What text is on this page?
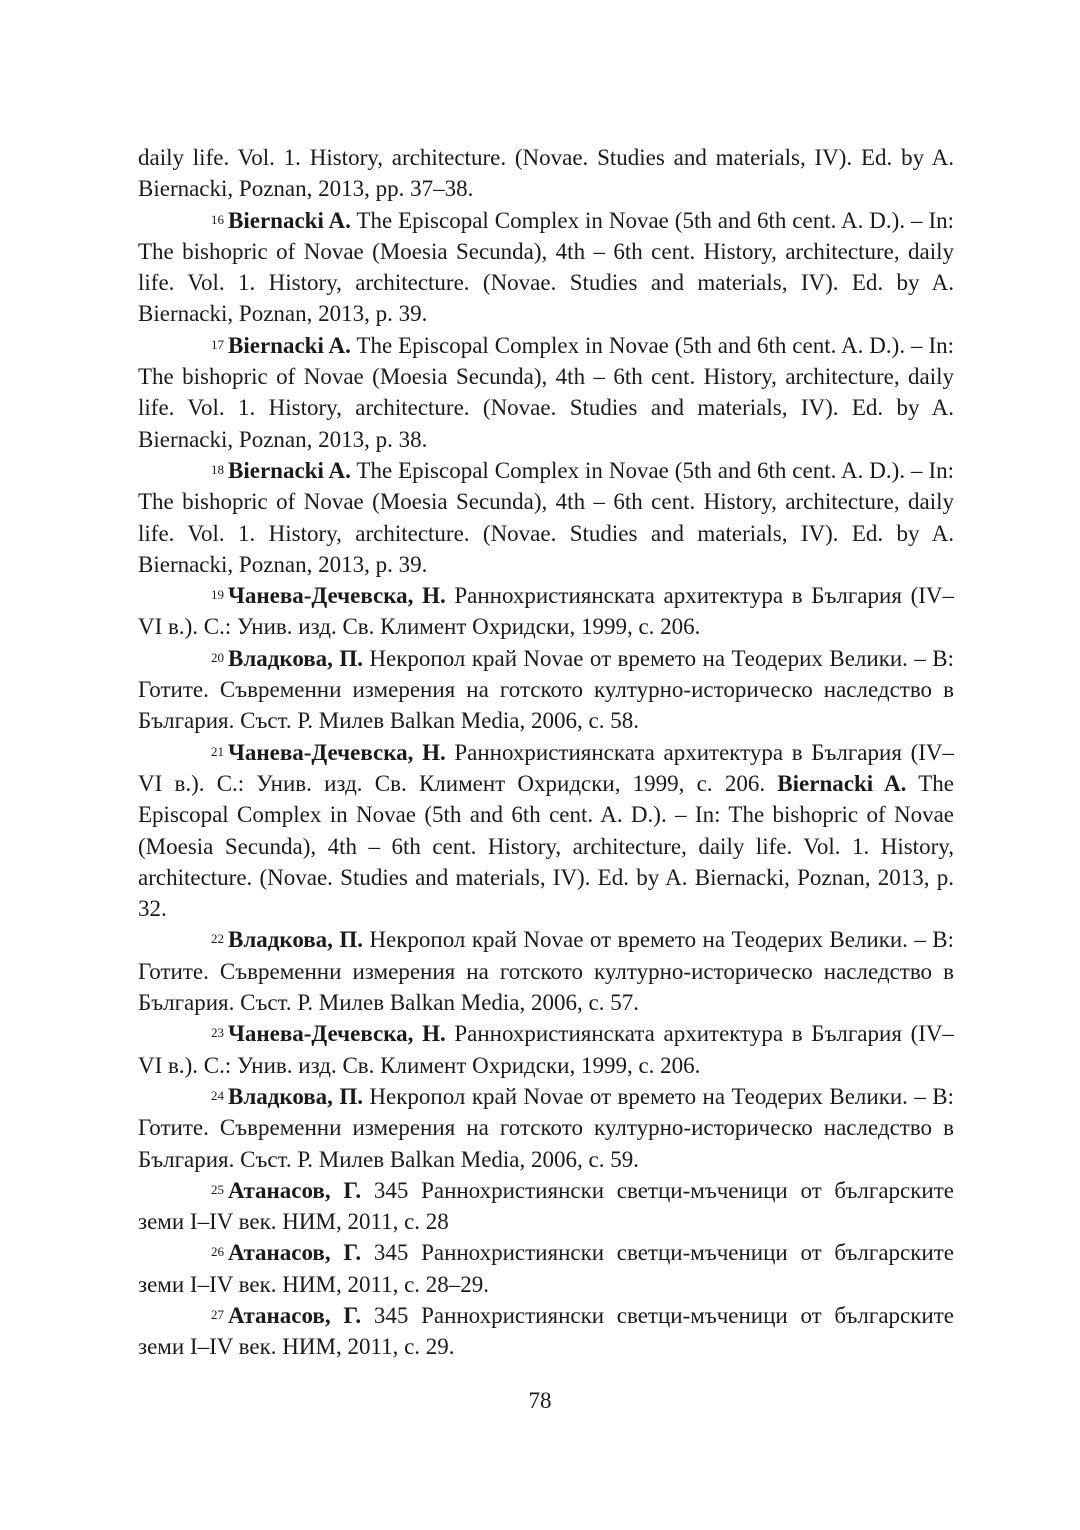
daily life. Vol. 1. History, architecture. (Novae. Studies and materials, IV). Ed. by A. Biernacki, Poznan, 2013, pp. 37–38.

$^{16}$ Biernacki A. The Episcopal Complex in Novae (5th and 6th cent. A. D.). – In: The bishopric of Novae (Moesia Secunda), 4th – 6th cent. History, architecture, daily life. Vol. 1. History, architecture. (Novae. Studies and materials, IV). Ed. by A. Biernacki, Poznan, 2013, p. 39.

$^{17}$ Biernacki A. The Episcopal Complex in Novae (5th and 6th cent. A. D.). – In: The bishopric of Novae (Moesia Secunda), 4th – 6th cent. History, architecture, daily life. Vol. 1. History, architecture. (Novae. Studies and materials, IV). Ed. by A. Biernacki, Poznan, 2013, p. 38.

$^{18}$ Biernacki A. The Episcopal Complex in Novae (5th and 6th cent. A. D.). – In: The bishopric of Novae (Moesia Secunda), 4th – 6th cent. History, architecture, daily life. Vol. 1. History, architecture. (Novae. Studies and materials, IV). Ed. by A. Biernacki, Poznan, 2013, p. 39.

$^{19}$ Чанева-Дечевска, Н. Раннохристиянската архитектура в България (IV–VI в.). С.: Унив. изд. Св. Климент Охридски, 1999, с. 206.

$^{20}$ Владкова, П. Некропол край Novae от времето на Теодерих Велики. – В: Готите. Съвременни измерения на готското културно-историческо наследство в България. Съст. Р. Милев Balkan Media, 2006, с. 58.

$^{21}$ Чанева-Дечевска, Н. Раннохристиянската архитектура в България (IV–VI в.). С.: Унив. изд. Св. Климент Охридски, 1999, с. 206. Biernacki A. The Episcopal Complex in Novae (5th and 6th cent. A. D.). – In: The bishopric of Novae (Moesia Secunda), 4th – 6th cent. History, architecture, daily life. Vol. 1. History, architecture. (Novae. Studies and materials, IV). Ed. by A. Biernacki, Poznan, 2013, p. 32.

$^{22}$ Владкова, П. Некропол край Novae от времето на Теодерих Велики. – В: Готите. Съвременни измерения на готското културно-историческо наследство в България. Съст. Р. Милев Balkan Media, 2006, с. 57.

$^{23}$ Чанева-Дечевска, Н. Раннохристиянската архитектура в България (IV–VI в.). С.: Унив. изд. Св. Климент Охридски, 1999, с. 206.

$^{24}$ Владкова, П. Некропол край Novae от времето на Теодерих Велики. – В: Готите. Съвременни измерения на готското културно-историческо наследство в България. Съст. Р. Милев Balkan Media, 2006, с. 59.

$^{25}$ Атанасов, Г. 345 Раннохристиянски светци-мъченици от българските земи I–IV век. НИМ, 2011, с. 28

$^{26}$ Атанасов, Г. 345 Раннохристиянски светци-мъченици от българските земи I–IV век. НИМ, 2011, с. 28–29.

$^{27}$ Атанасов, Г. 345 Раннохристиянски светци-мъченици от българските земи I–IV век. НИМ, 2011, с. 29.

78
